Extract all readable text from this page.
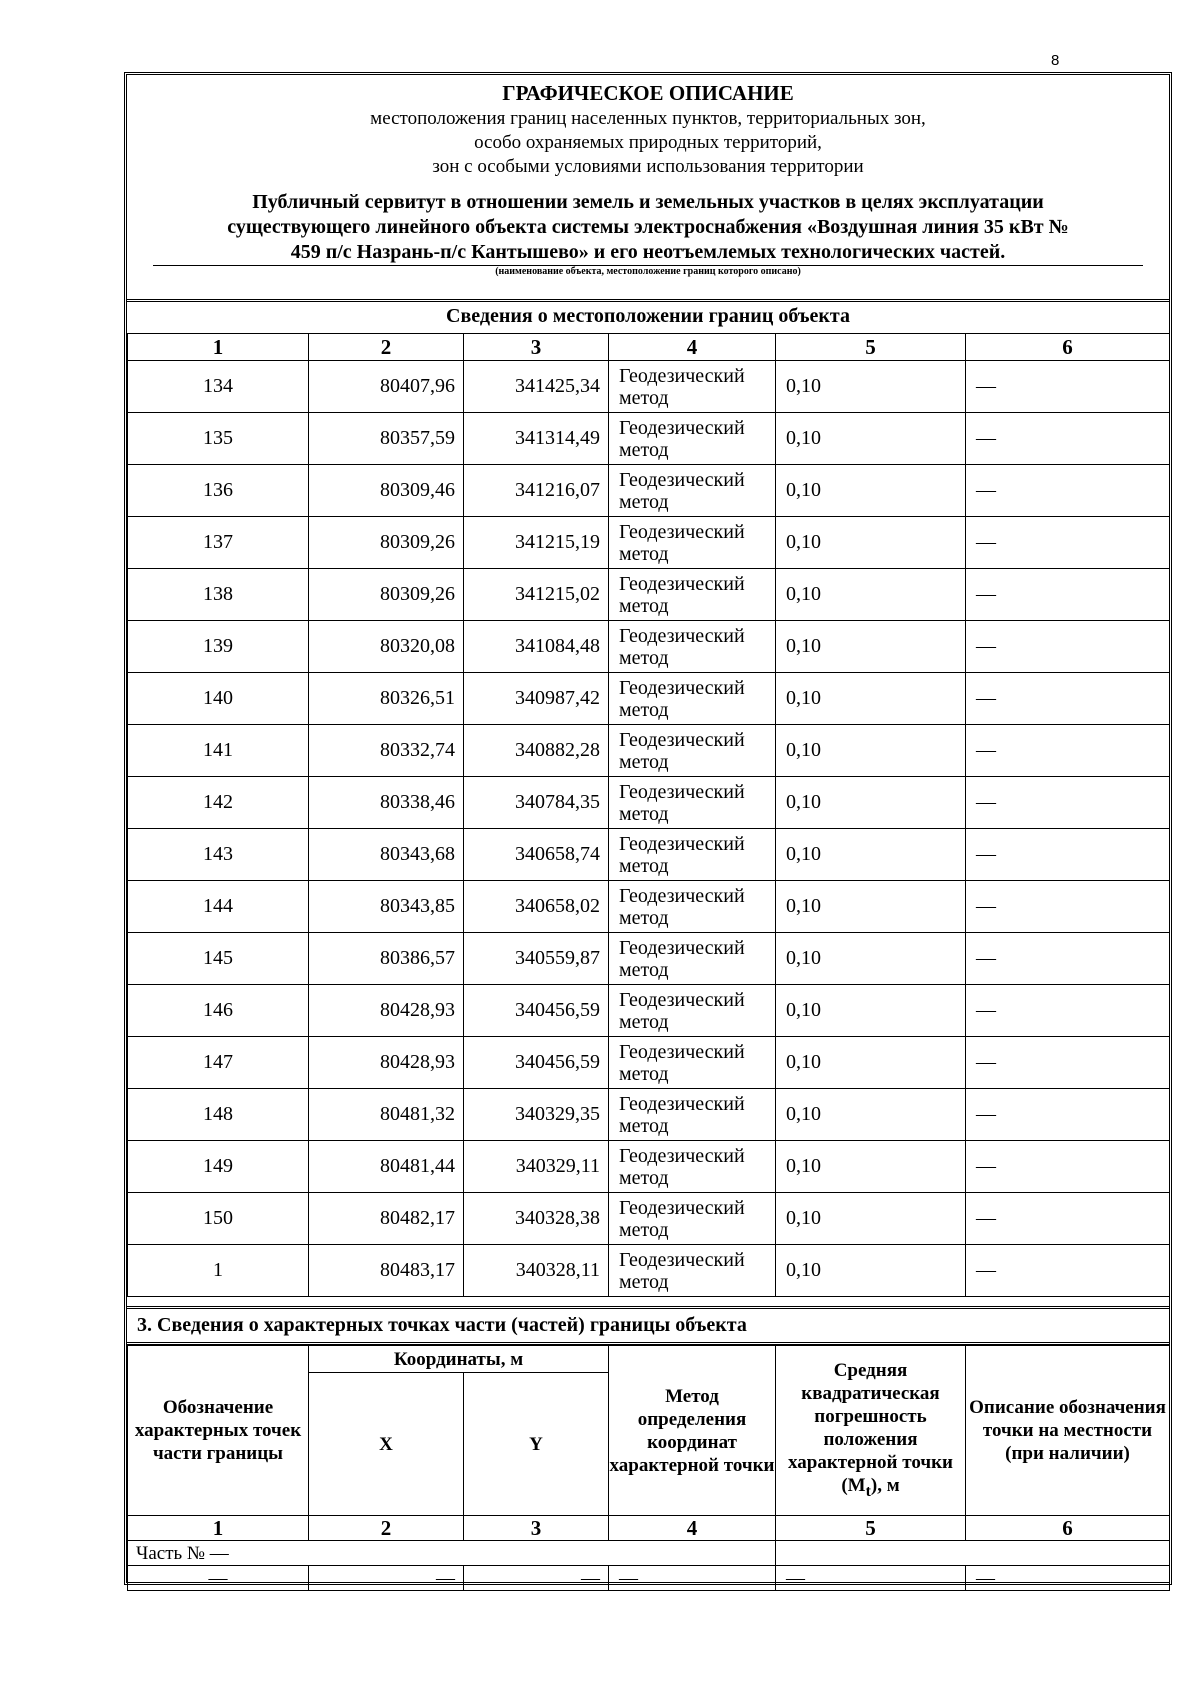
8
ГРАФИЧЕСКОЕ ОПИСАНИЕ
местоположения границ населенных пунктов, территориальных зон,
особо охраняемых природных территорий,
зон с особыми условиями использования территории
Публичный сервитут в отношении земель и земельных участков в целях эксплуатации
существующего линейного объекта системы электроснабжения «Воздушная линия 35 кВт №
459 п/с Назрань-п/с Кантышево» и его неотъемлемых технологических частей.
(наименование объекта, местоположение границ которого описано)
Сведения о местоположении границ объекта
1	2	3	4	5	6
134	80407,96	341425,34	Геодезический метод	0,10	—
135	80357,59	341314,49	Геодезический метод	0,10	—
136	80309,46	341216,07	Геодезический метод	0,10	—
137	80309,26	341215,19	Геодезический метод	0,10	—
138	80309,26	341215,02	Геодезический метод	0,10	—
139	80320,08	341084,48	Геодезический метод	0,10	—
140	80326,51	340987,42	Геодезический метод	0,10	—
141	80332,74	340882,28	Геодезический метод	0,10	—
142	80338,46	340784,35	Геодезический метод	0,10	—
143	80343,68	340658,74	Геодезический метод	0,10	—
144	80343,85	340658,02	Геодезический метод	0,10	—
145	80386,57	340559,87	Геодезический метод	0,10	—
146	80428,93	340456,59	Геодезический метод	0,10	—
147	80428,93	340456,59	Геодезический метод	0,10	—
148	80481,32	340329,35	Геодезический метод	0,10	—
149	80481,44	340329,11	Геодезический метод	0,10	—
150	80482,17	340328,38	Геодезический метод	0,10	—
1	80483,17	340328,11	Геодезический метод	0,10	—
3. Сведения о характерных точках части (частей) границы объекта
Обозначение характерных точек части границы	Координаты, м		Метод определения координат характерной точки	Средняя квадратическая погрешность положения характерной точки $(M_t)$, м	Описание обозначения точки на местности (при наличии)
	X	Y			
1	2	3	4	5	6
Часть № —					
—	—	—	—	—	—
